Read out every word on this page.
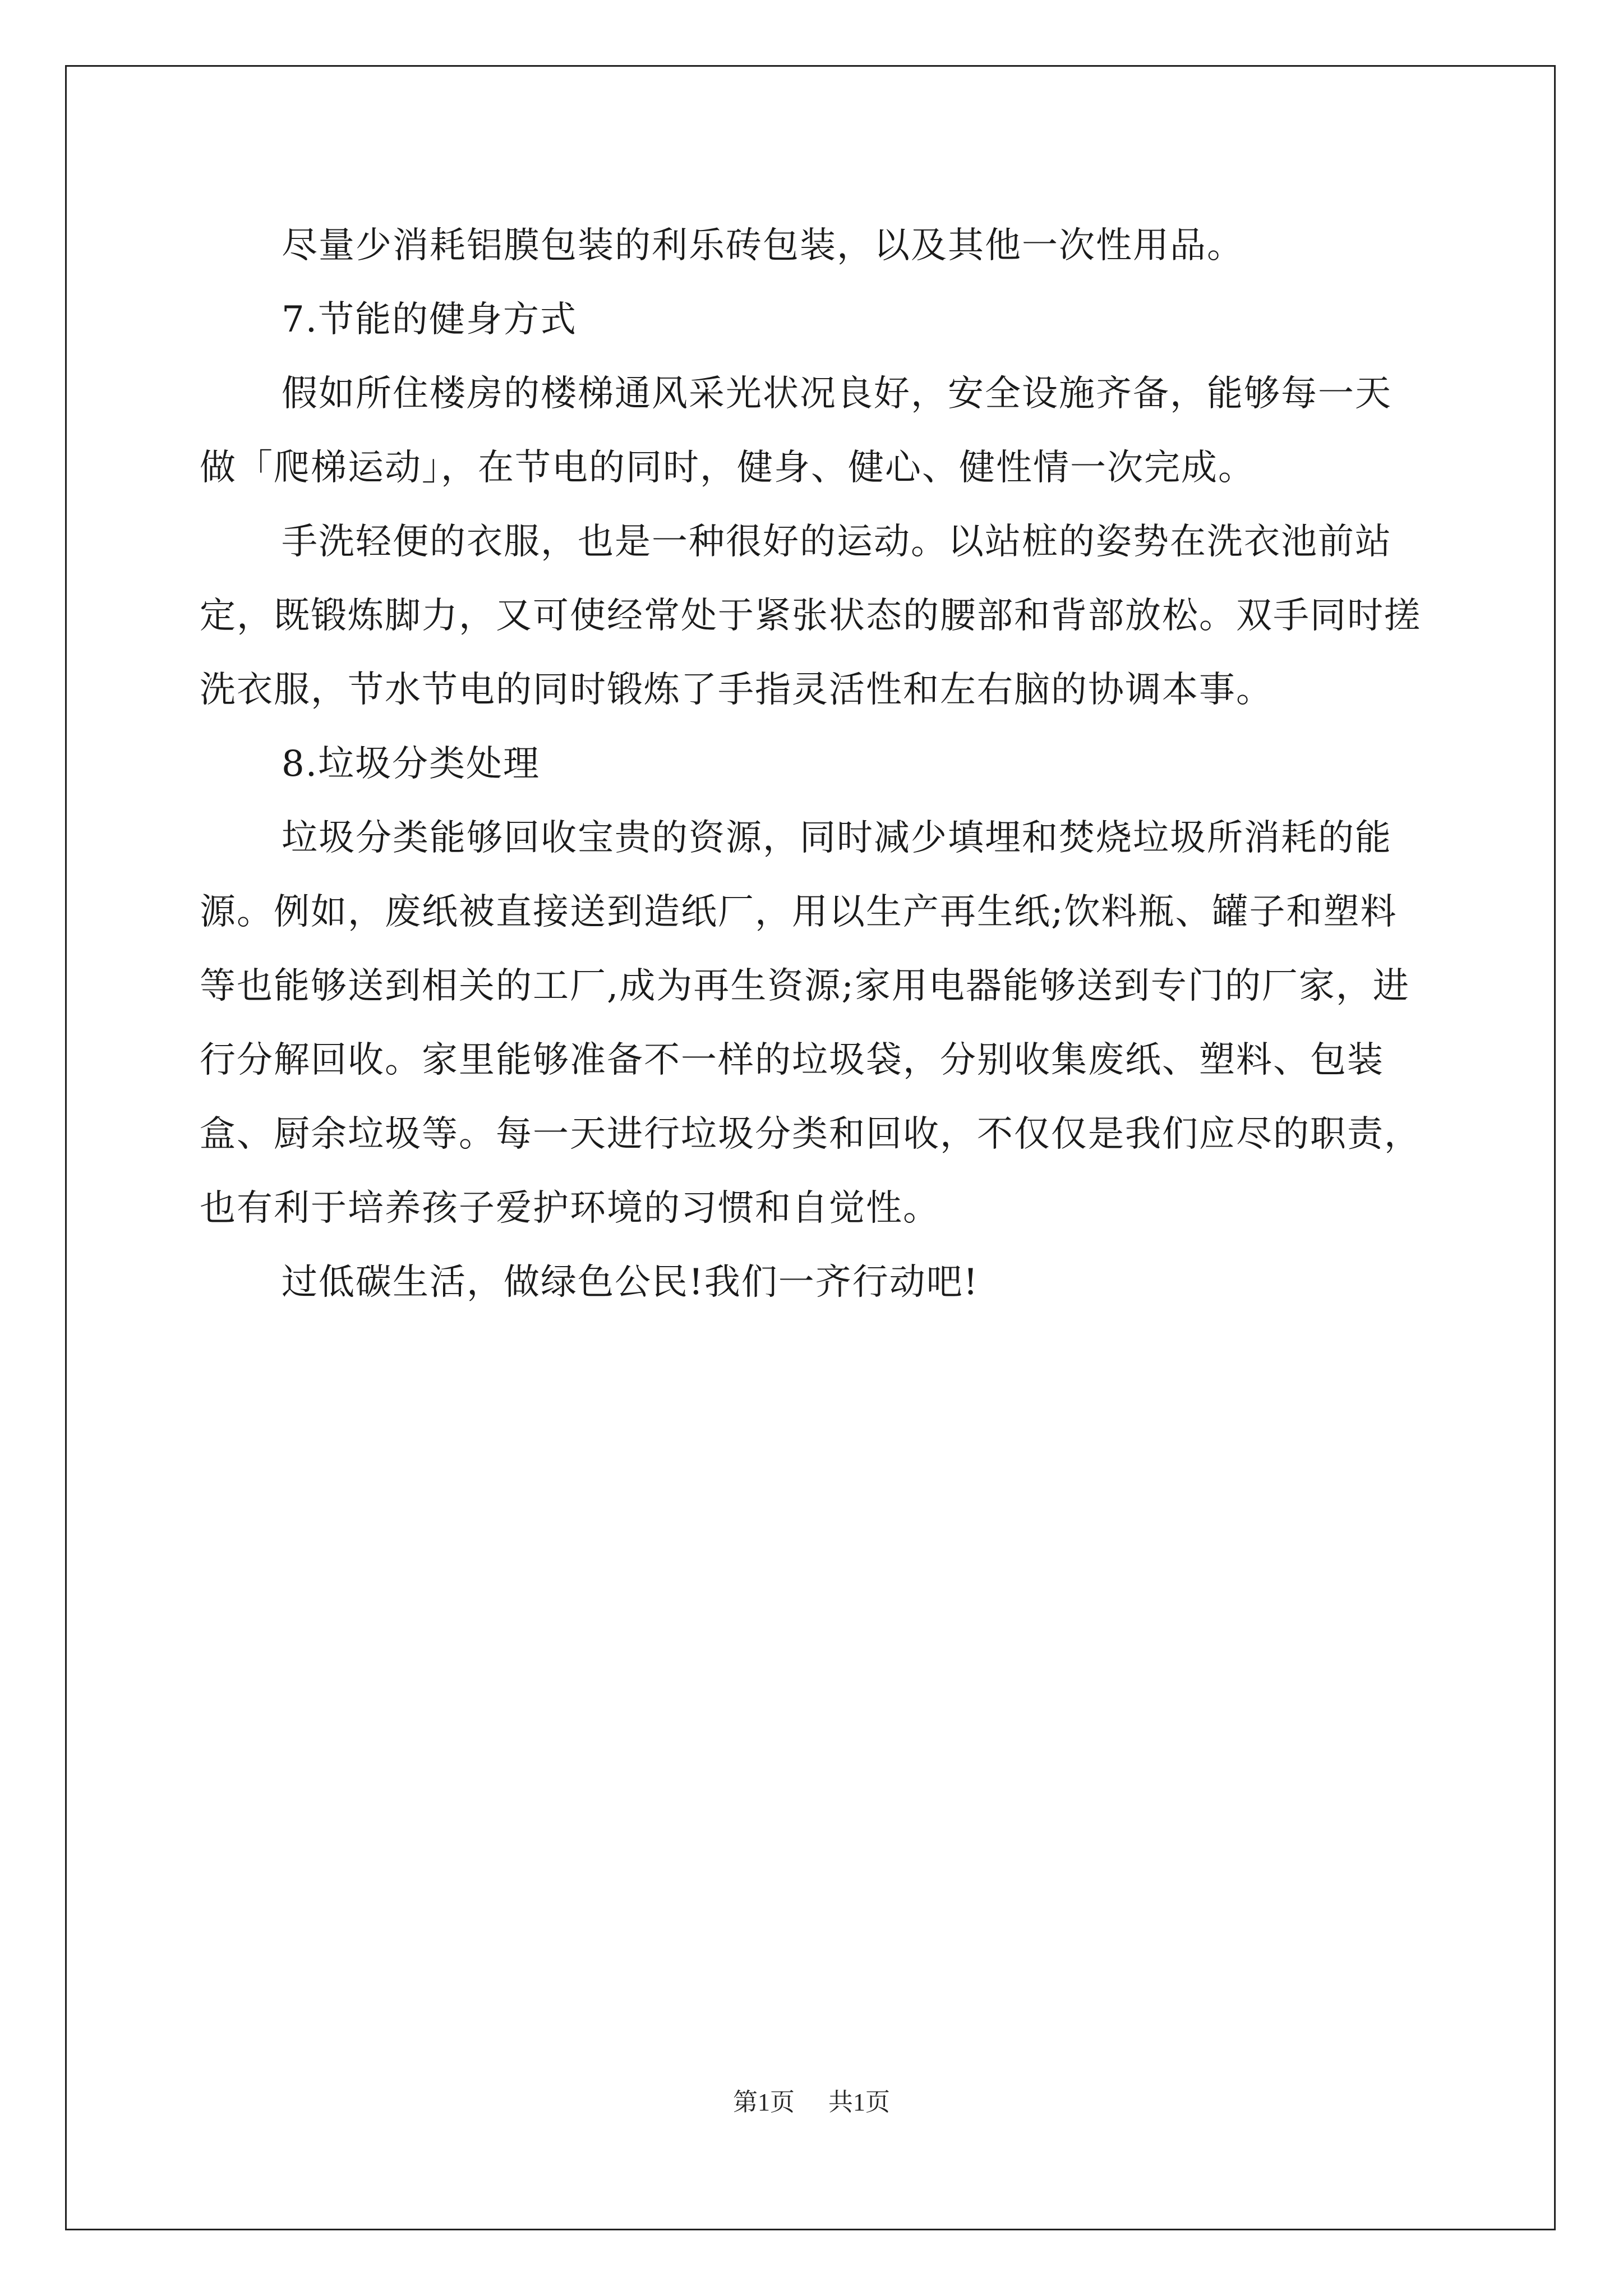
尽量少消耗铝膜包装的利乐砖包装，以及其他一次性用品。

7.节能的健身方式

假如所住楼房的楼梯通风采光状况良好，安全设施齐备，能够每一天做「爬梯运动」，在节电的同时，健身、健心、健性情一次完成。

手洗轻便的衣服，也是一种很好的运动。以站桩的姿势在洗衣池前站定，既锻炼脚力，又可使经常处于紧张状态的腰部和背部放松。双手同时搓洗衣服，节水节电的同时锻炼了手指灵活性和左右脑的协调本事。

8.垃圾分类处理

垃圾分类能够回收宝贵的资源，同时减少填埋和焚烧垃圾所消耗的能源。例如，废纸被直接送到造纸厂，用以生产再生纸;饮料瓶、罐子和塑料等也能够送到相关的工厂,成为再生资源;家用电器能够送到专门的厂家，进行分解回收。家里能够准备不一样的垃圾袋，分别收集废纸、塑料、包装盒、厨余垃圾等。每一天进行垃圾分类和回收，不仅仅是我们应尽的职责，也有利于培养孩子爱护环境的习惯和自觉性。

过低碳生活，做绿色公民!我们一齐行动吧!

第1页 共1页
